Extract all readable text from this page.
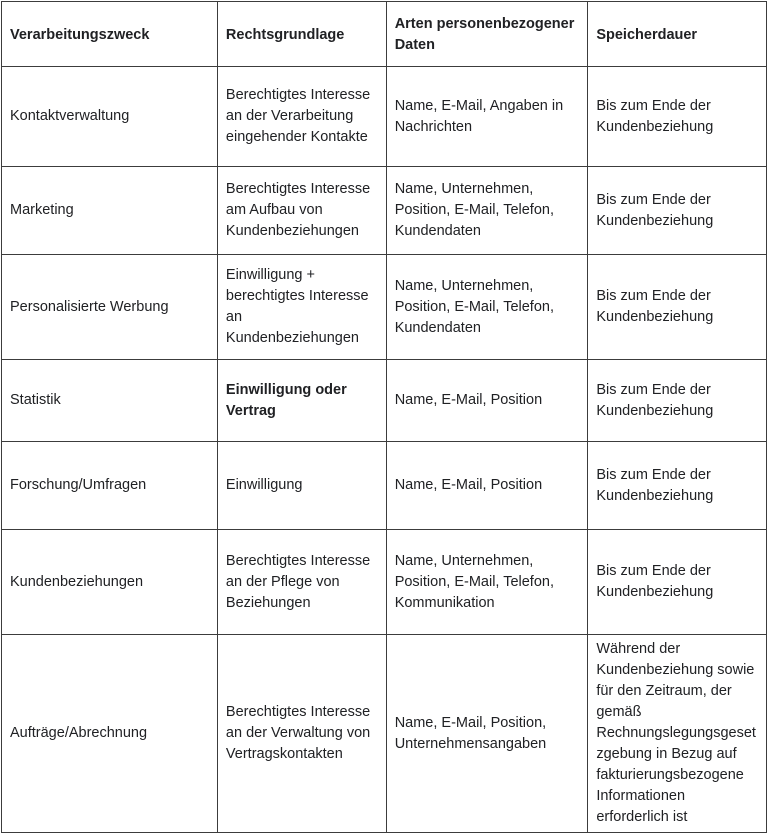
Verarbeitungszweck	Rechtsgrundlage	Arten personenbezogener Daten	Speicherdauer
Kontaktverwaltung	Berechtigtes Interesse an der Verarbeitung eingehender Kontakte	Name, E-Mail, Angaben in Nachrichten	Bis zum Ende der Kundenbeziehung
Marketing	Berechtigtes Interesse am Aufbau von Kundenbeziehungen	Name, Unternehmen, Position, E-Mail, Telefon, Kundendaten	Bis zum Ende der Kundenbeziehung
Personalisierte Werbung	Einwilligung + berechtigtes Interesse an Kundenbeziehungen	Name, Unternehmen, Position, E-Mail, Telefon, Kundendaten	Bis zum Ende der Kundenbeziehung
Statistik	Einwilligung oder Vertrag	Name, E-Mail, Position	Bis zum Ende der Kundenbeziehung
Forschung/Umfragen	Einwilligung	Name, E-Mail, Position	Bis zum Ende der Kundenbeziehung
Kundenbeziehungen	Berechtigtes Interesse an der Pflege von Beziehungen	Name, Unternehmen, Position, E-Mail, Telefon, Kommunikation	Bis zum Ende der Kundenbeziehung
Aufträge/Abrechnung	Berechtigtes Interesse an der Verwaltung von Vertragskontakten	Name, E-Mail, Position, Unternehmensangaben	Während der Kundenbeziehung sowie für den Zeitraum, der gemäß Rechnungslegungsgesetzgebung in Bezug auf fakturierungsbezogene Informationen erforderlich ist
